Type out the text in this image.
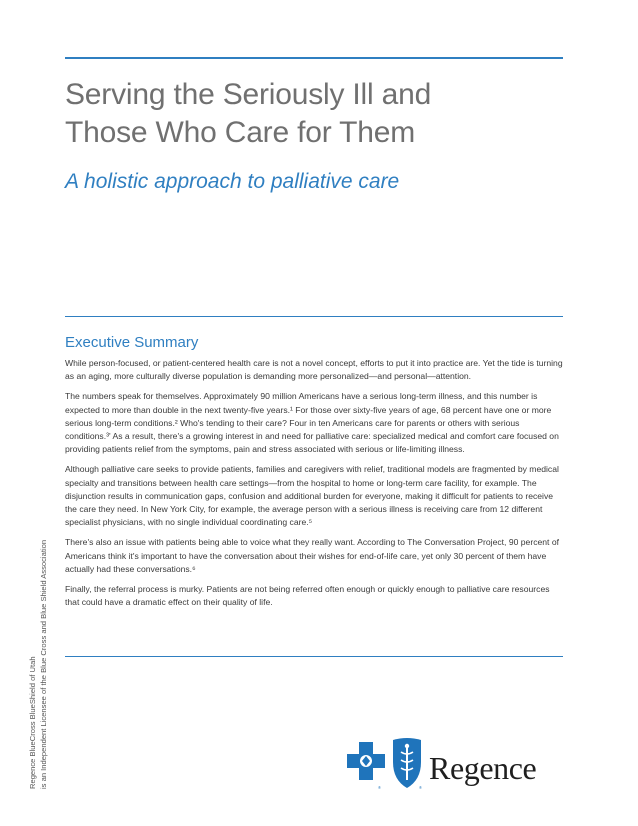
Serving the Seriously Ill and
Those Who Care for Them
A holistic approach to palliative care
Executive Summary

While person-focused, or patient-centered health care is not a novel concept, efforts to put it into practice are. Yet the tide is turning as an aging, more culturally diverse population is demanding more personalized—and personal—attention.

The numbers speak for themselves. Approximately 90 million Americans have a serious long-term illness, and this number is expected to more than double in the next twenty-five years.¹ For those over sixty-five years of age, 68 percent have one or more serious long-term conditions.² Who's tending to their care? Four in ten Americans care for parents or others with serious conditions.³' As a result, there's a growing interest in and need for palliative care: specialized medical and comfort care focused on providing patients relief from the symptoms, pain and stress associated with serious or life-limiting illness.

Although palliative care seeks to provide patients, families and caregivers with relief, traditional models are fragmented by medical specialty and transitions between health care settings—from the hospital to home or long-term care facility, for example. The disjunction results in communication gaps, confusion and additional burden for everyone, making it difficult for patients to receive the care they need. In New York City, for example, the average person with a serious illness is receiving care from 12 different specialist physicians, with no single individual coordinating care.⁵

There's also an issue with patients being able to voice what they really want. According to The Conversation Project, 90 percent of Americans think it's important to have the conversation about their wishes for end-of-life care, yet only 30 percent of them have actually had these conversations.⁶

Finally, the referral process is murky. Patients are not being referred often enough or quickly enough to palliative care resources that could have a dramatic effect on their quality of life.

Regence BlueCross BlueShield of Utah is an Independent Licensee of the Blue Cross and Blue Shield Association	®	®
Regence
